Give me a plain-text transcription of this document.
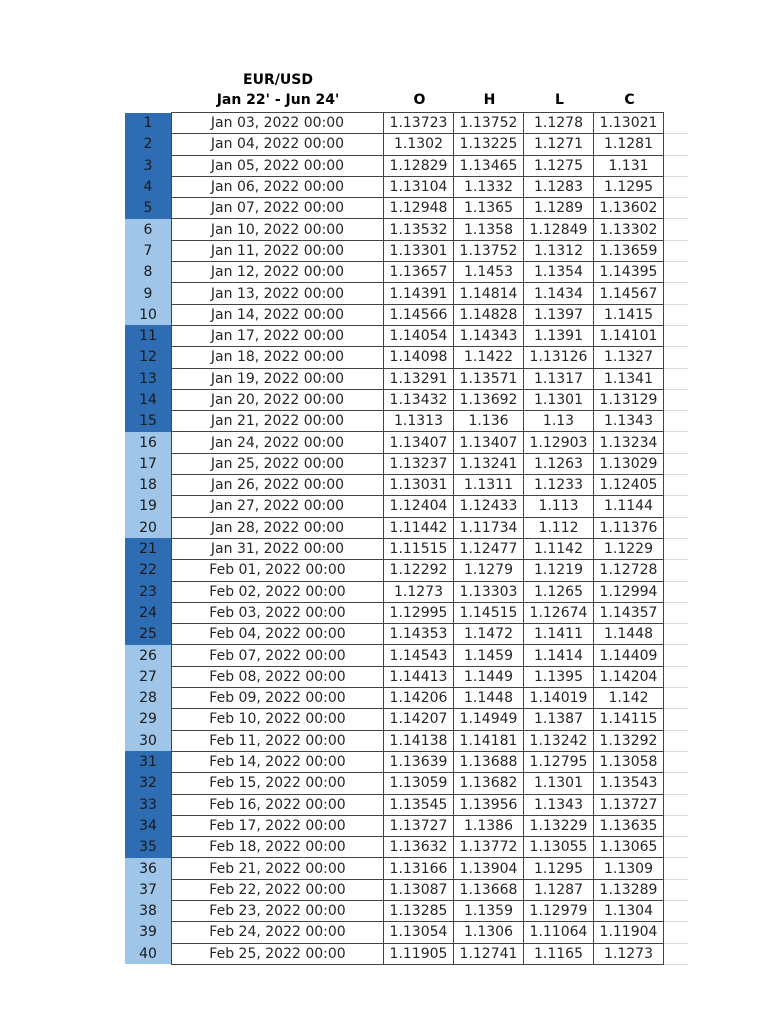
EUR/USD
Jan 22' - Jun 24'	O	H	L	C
1	Jan 03, 2022 00:00	1.13723	1.13752	1.1278	1.13021	
2	Jan 04, 2022 00:00	1.1302	1.13225	1.1271	1.1281	
3	Jan 05, 2022 00:00	1.12829	1.13465	1.1275	1.131	
4	Jan 06, 2022 00:00	1.13104	1.1332	1.1283	1.1295	
5	Jan 07, 2022 00:00	1.12948	1.1365	1.1289	1.13602	
6	Jan 10, 2022 00:00	1.13532	1.1358	1.12849	1.13302	
7	Jan 11, 2022 00:00	1.13301	1.13752	1.1312	1.13659	
8	Jan 12, 2022 00:00	1.13657	1.1453	1.1354	1.14395	
9	Jan 13, 2022 00:00	1.14391	1.14814	1.1434	1.14567	
10	Jan 14, 2022 00:00	1.14566	1.14828	1.1397	1.1415	
11	Jan 17, 2022 00:00	1.14054	1.14343	1.1391	1.14101	
12	Jan 18, 2022 00:00	1.14098	1.1422	1.13126	1.1327	
13	Jan 19, 2022 00:00	1.13291	1.13571	1.1317	1.1341	
14	Jan 20, 2022 00:00	1.13432	1.13692	1.1301	1.13129	
15	Jan 21, 2022 00:00	1.1313	1.136	1.13	1.1343	
16	Jan 24, 2022 00:00	1.13407	1.13407	1.12903	1.13234	
17	Jan 25, 2022 00:00	1.13237	1.13241	1.1263	1.13029	
18	Jan 26, 2022 00:00	1.13031	1.1311	1.1233	1.12405	
19	Jan 27, 2022 00:00	1.12404	1.12433	1.113	1.1144	
20	Jan 28, 2022 00:00	1.11442	1.11734	1.112	1.11376	
21	Jan 31, 2022 00:00	1.11515	1.12477	1.1142	1.1229	
22	Feb 01, 2022 00:00	1.12292	1.1279	1.1219	1.12728	
23	Feb 02, 2022 00:00	1.1273	1.13303	1.1265	1.12994	
24	Feb 03, 2022 00:00	1.12995	1.14515	1.12674	1.14357	
25	Feb 04, 2022 00:00	1.14353	1.1472	1.1411	1.1448	
26	Feb 07, 2022 00:00	1.14543	1.1459	1.1414	1.14409	
27	Feb 08, 2022 00:00	1.14413	1.1449	1.1395	1.14204	
28	Feb 09, 2022 00:00	1.14206	1.1448	1.14019	1.142	
29	Feb 10, 2022 00:00	1.14207	1.14949	1.1387	1.14115	
30	Feb 11, 2022 00:00	1.14138	1.14181	1.13242	1.13292	
31	Feb 14, 2022 00:00	1.13639	1.13688	1.12795	1.13058	
32	Feb 15, 2022 00:00	1.13059	1.13682	1.1301	1.13543	
33	Feb 16, 2022 00:00	1.13545	1.13956	1.1343	1.13727	
34	Feb 17, 2022 00:00	1.13727	1.1386	1.13229	1.13635	
35	Feb 18, 2022 00:00	1.13632	1.13772	1.13055	1.13065	
36	Feb 21, 2022 00:00	1.13166	1.13904	1.1295	1.1309	
37	Feb 22, 2022 00:00	1.13087	1.13668	1.1287	1.13289	
38	Feb 23, 2022 00:00	1.13285	1.1359	1.12979	1.1304	
39	Feb 24, 2022 00:00	1.13054	1.1306	1.11064	1.11904	
40	Feb 25, 2022 00:00	1.11905	1.12741	1.1165	1.1273	
